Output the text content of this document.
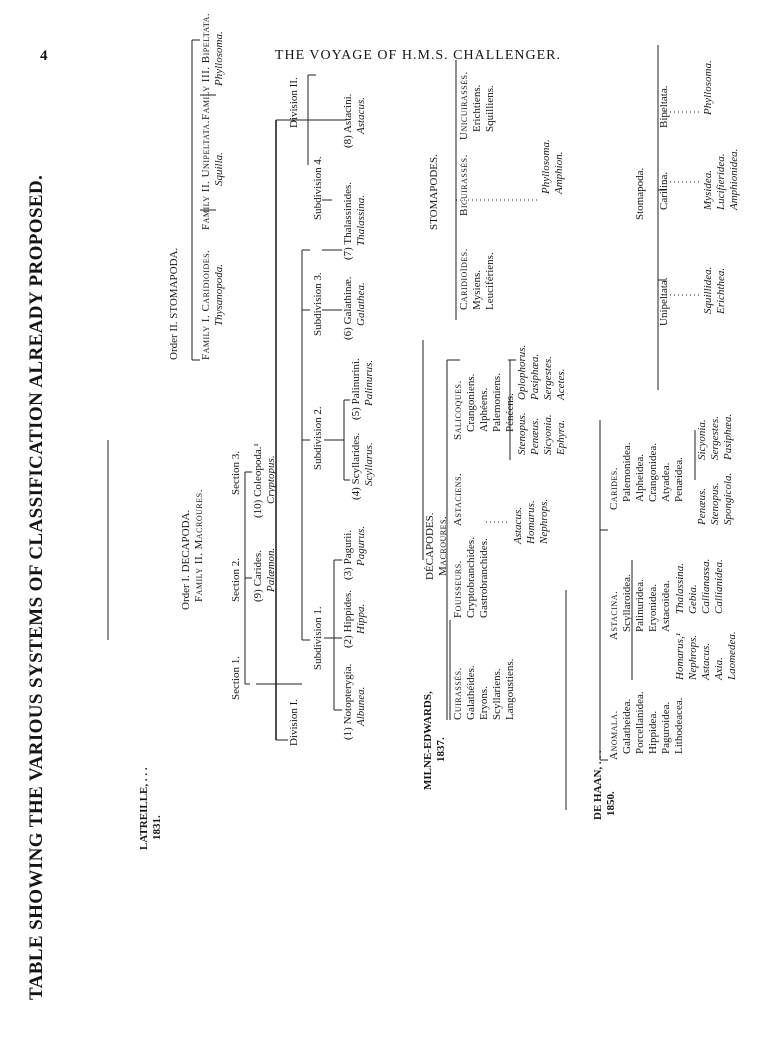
4	THE VOYAGE OF H.M.S. CHALLENGER.
TABLE SHOWING THE VARIOUS SYSTEMS OF CLASSIFICATION ALREADY PROPOSED.	LATREILLE, . . . 1831.
Order I. DECAPODA. Family II. Macroures.
Division I.
Division II.
Section 1.
Section 2.
Section 3.
(9) Carides. Palæmon.
(10) Coleopoda.¹ Cryptopus.
Subdivision 1.
Subdivision 2.
Subdivision 3.
Subdivision 4.
(1) Notopterygia. Albunea.
(2) Hippides. Hippa.
(3) Pagurii. Pagurus.
(4) Scyllarides. Scyllarus.
(5) Palinurini. Palinurus.
(6) Galathinæ. Galathea.
(7) Thalassinides. Thalassina.
(8) Astacini. Astacus.
Order II. STOMAPODA. Family I. Caridioides. Thysanopoda.
Family II. Unipeltata. Squilla.
Family III. Bipeltata. Phyllosoma.
MILNE-EDWARDS, 1837.
DÉCAPODES. Macroures.
Cuirassés. Galathéides. Eryons. Scyllariens. Langoustiens.
Fouisseurs. Cryptobranchides. Gastrobranchides.
Astaciens.	Astacus. Homarus. Nephrops.
Salicoques. Crangoniens. Alphéens. Palemoniens. Pénéens. Stenopus. Penæus. Sicyonia. Ephyra.
Oplophorus. Pasiphæa. Sergestes. Acetes.
STOMAPODES.
Caridioïdes. Mysiens. Leucifériens.
Bicuirassés.	Phyllosoma. Amphion.
Unicuirassés. Erichtiens. Squilliens.
DE HAAN, . . . 1850.
Anomala. Galatheidea. Porcellanidea. Hippidea. Paguroidea. Lithodeacea.
Astacina. Scyllaroidea. Palinuridea. Eryonidea. Astacoidea.
Homarus,¹ Nephrops. Astacus. Axia. Laomedea.
Thalassina. Gebia. Callianassa. Callianidea.
Carides. Palemonidea. Alpheidea. Crangonidea. Atyadea. Penæidea.
Penæus. Stenopus. Spongicola.
Sicyonia. Sergestes. Pasiphæa.
Stomapoda.
Unipeltata.
Carilina.
Bipeltata.
Squillidea. Erichthea.
Mysidea. Lucifieridea. Amphionidea.
Phyllosoma.
